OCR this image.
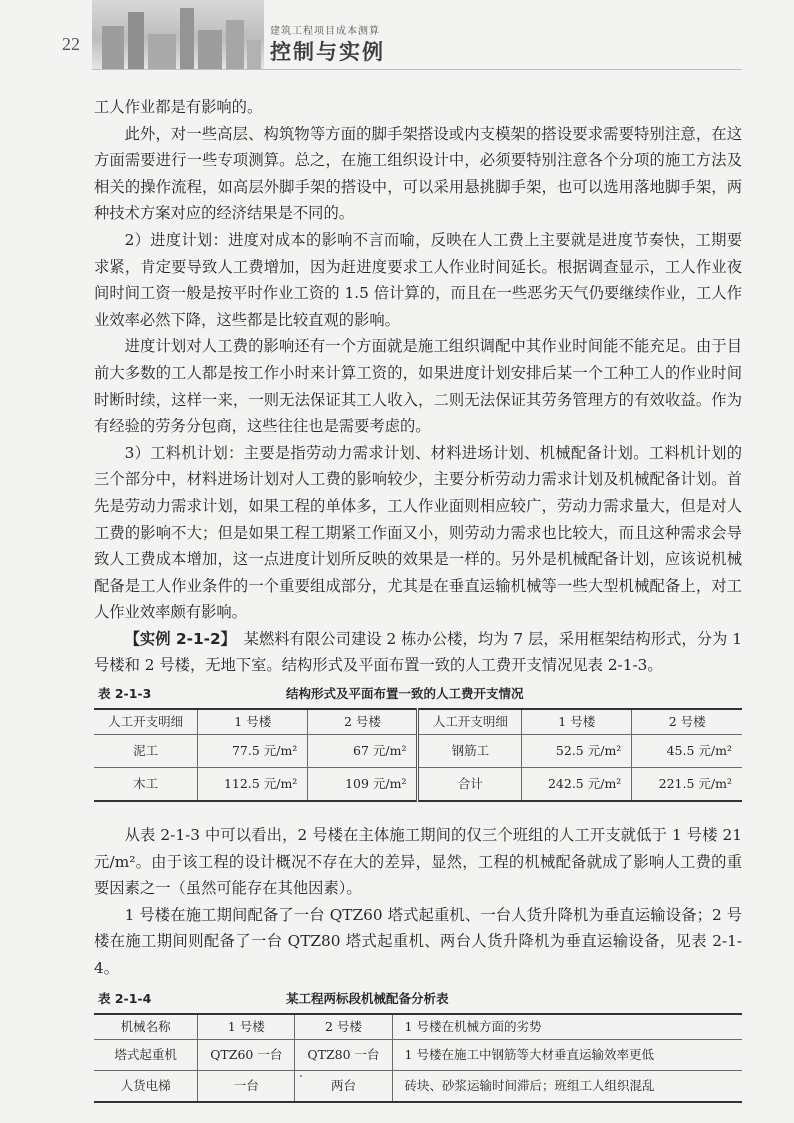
22
建筑工程项目成本测算
控制与实例

工人作业都是有影响的。

此外，对一些高层、构筑物等方面的脚手架搭设或内支模架的搭设要求需要特别注意，在这方面需要进行一些专项测算。总之，在施工组织设计中，必须要特别注意各个分项的施工方法及相关的操作流程，如高层外脚手架的搭设中，可以采用悬挑脚手架，也可以选用落地脚手架，两种技术方案对应的经济结果是不同的。

2）进度计划：进度对成本的影响不言而喻，反映在人工费上主要就是进度节奏快，工期要求紧，肯定要导致人工费增加，因为赶进度要求工人作业时间延长。根据调查显示，工人作业夜间时间工资一般是按平时作业工资的 1.5 倍计算的，而且在一些恶劣天气仍要继续作业，工人作业效率必然下降，这些都是比较直观的影响。

进度计划对人工费的影响还有一个方面就是施工组织调配中其作业时间能不能充足。由于目前大多数的工人都是按工作小时来计算工资的，如果进度计划安排后某一个工种工人的作业时间时断时续，这样一来，一则无法保证其工人收入，二则无法保证其劳务管理方的有效收益。作为有经验的劳务分包商，这些往往也是需要考虑的。

3）工料机计划：主要是指劳动力需求计划、材料进场计划、机械配备计划。工料机计划的三个部分中，材料进场计划对人工费的影响较少，主要分析劳动力需求计划及机械配备计划。首先是劳动力需求计划，如果工程的单体多，工人作业面则相应较广，劳动力需求量大，但是对人工费的影响不大；但是如果工程工期紧工作面又小，则劳动力需求也比较大，而且这种需求会导致人工费成本增加，这一点进度计划所反映的效果是一样的。另外是机械配备计划，应该说机械配备是工人作业条件的一个重要组成部分，尤其是在垂直运输机械等一些大型机械配备上，对工人作业效率颇有影响。

【实例 2-1-2】　某燃料有限公司建设 2 栋办公楼，均为 7 层，采用框架结构形式，分为 1 号楼和 2 号楼，无地下室。结构形式及平面布置一致的人工费开支情况见表 2-1-3。

表 2-1-3	结构形式及平面布置一致的人工费开支情况
人工开支明细	1 号楼	2 号楼	人工开支明细	1 号楼	2 号楼
泥工	77.5 元/m²	67 元/m²	钢筋工	52.5 元/m²	45.5 元/m²
木工	112.5 元/m²	109 元/m²	合计	242.5 元/m²	221.5 元/m²

从表 2-1-3 中可以看出，2 号楼在主体施工期间的仅三个班组的人工开支就低于 1 号楼 21 元/m²。由于该工程的设计概况不存在大的差异，显然，工程的机械配备就成了影响人工费的重要因素之一（虽然可能存在其他因素）。

1 号楼在施工期间配备了一台 QTZ60 塔式起重机、一台人货升降机为垂直运输设备；2 号楼在施工期间则配备了一台 QTZ80 塔式起重机、两台人货升降机为垂直运输设备，见表 2-1-4。

表 2-1-4	某工程两标段机械配备分析表
机械名称	1 号楼	2 号楼	1 号楼在机械方面的劣势
塔式起重机	QTZ60 一台	QTZ80 一台	1 号楼在施工中钢筋等大材垂直运输效率更低
人货电梯	一台	两台	砖块、砂浆运输时间滞后；班组工人组织混乱
